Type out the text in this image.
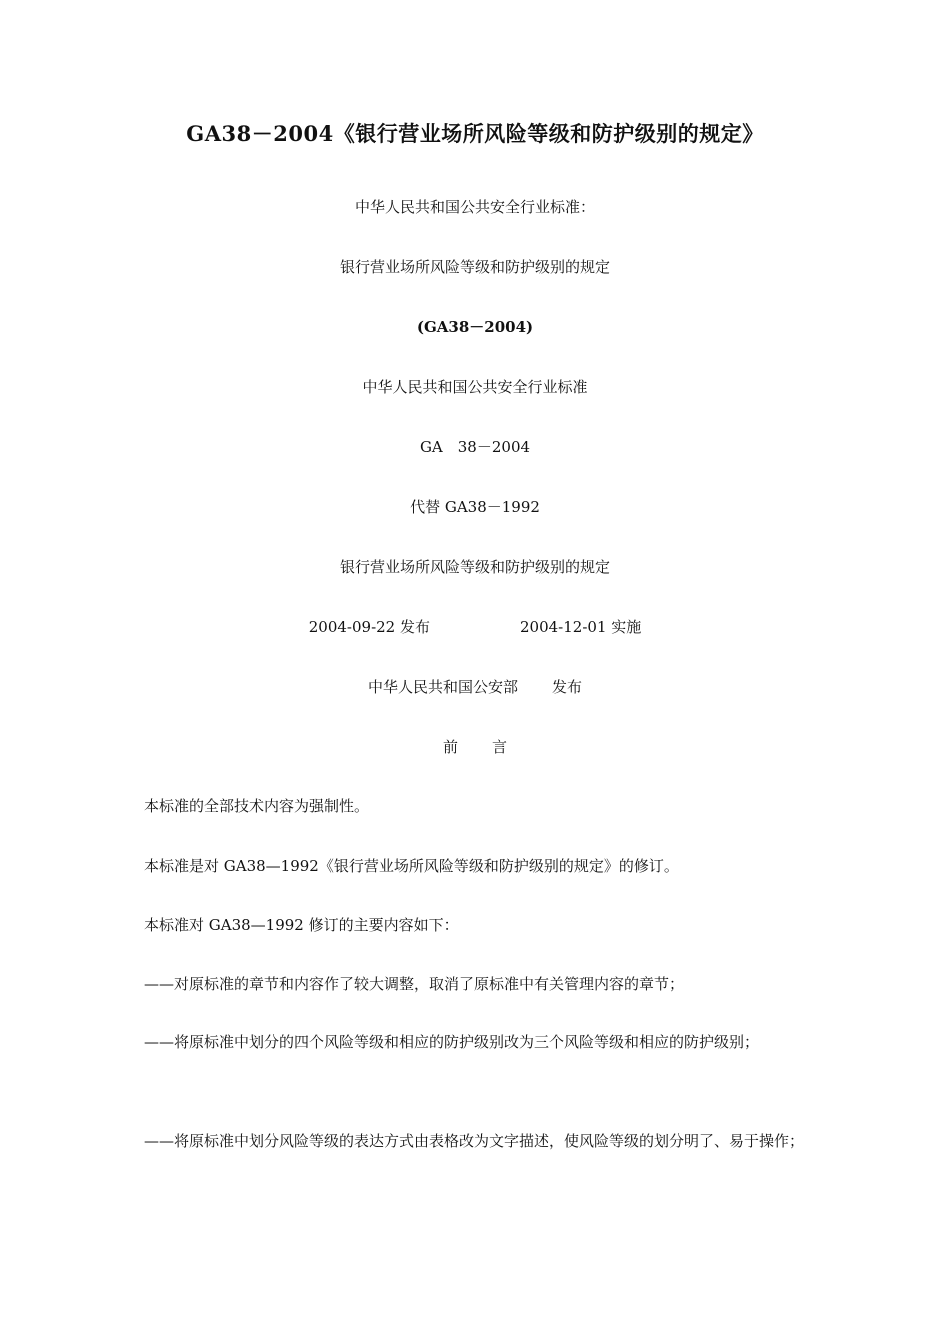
GA38－2004《银行营业场所风险等级和防护级别的规定》
中华人民共和国公共安全行业标准：
银行营业场所风险等级和防护级别的规定
(GA38－2004)
中华人民共和国公共安全行业标准
GA　38－2004
代替 GA38－1992
银行营业场所风险等级和防护级别的规定
2004-09-22 发布	2004-12-01 实施
中华人民共和国公安部 发布
前 言
本标准的全部技术内容为强制性。
本标准是对 GA38—1992《银行营业场所风险等级和防护级别的规定》的修订。
本标准对 GA38—1992 修订的主要内容如下：
——对原标准的章节和内容作了较大调整，取消了原标准中有关管理内容的章节；
——将原标准中划分的四个风险等级和相应的防护级别改为三个风险等级和相应的防护级别；
——将原标准中划分风险等级的表达方式由表格改为文字描述，使风险等级的划分明了、易于操作；
